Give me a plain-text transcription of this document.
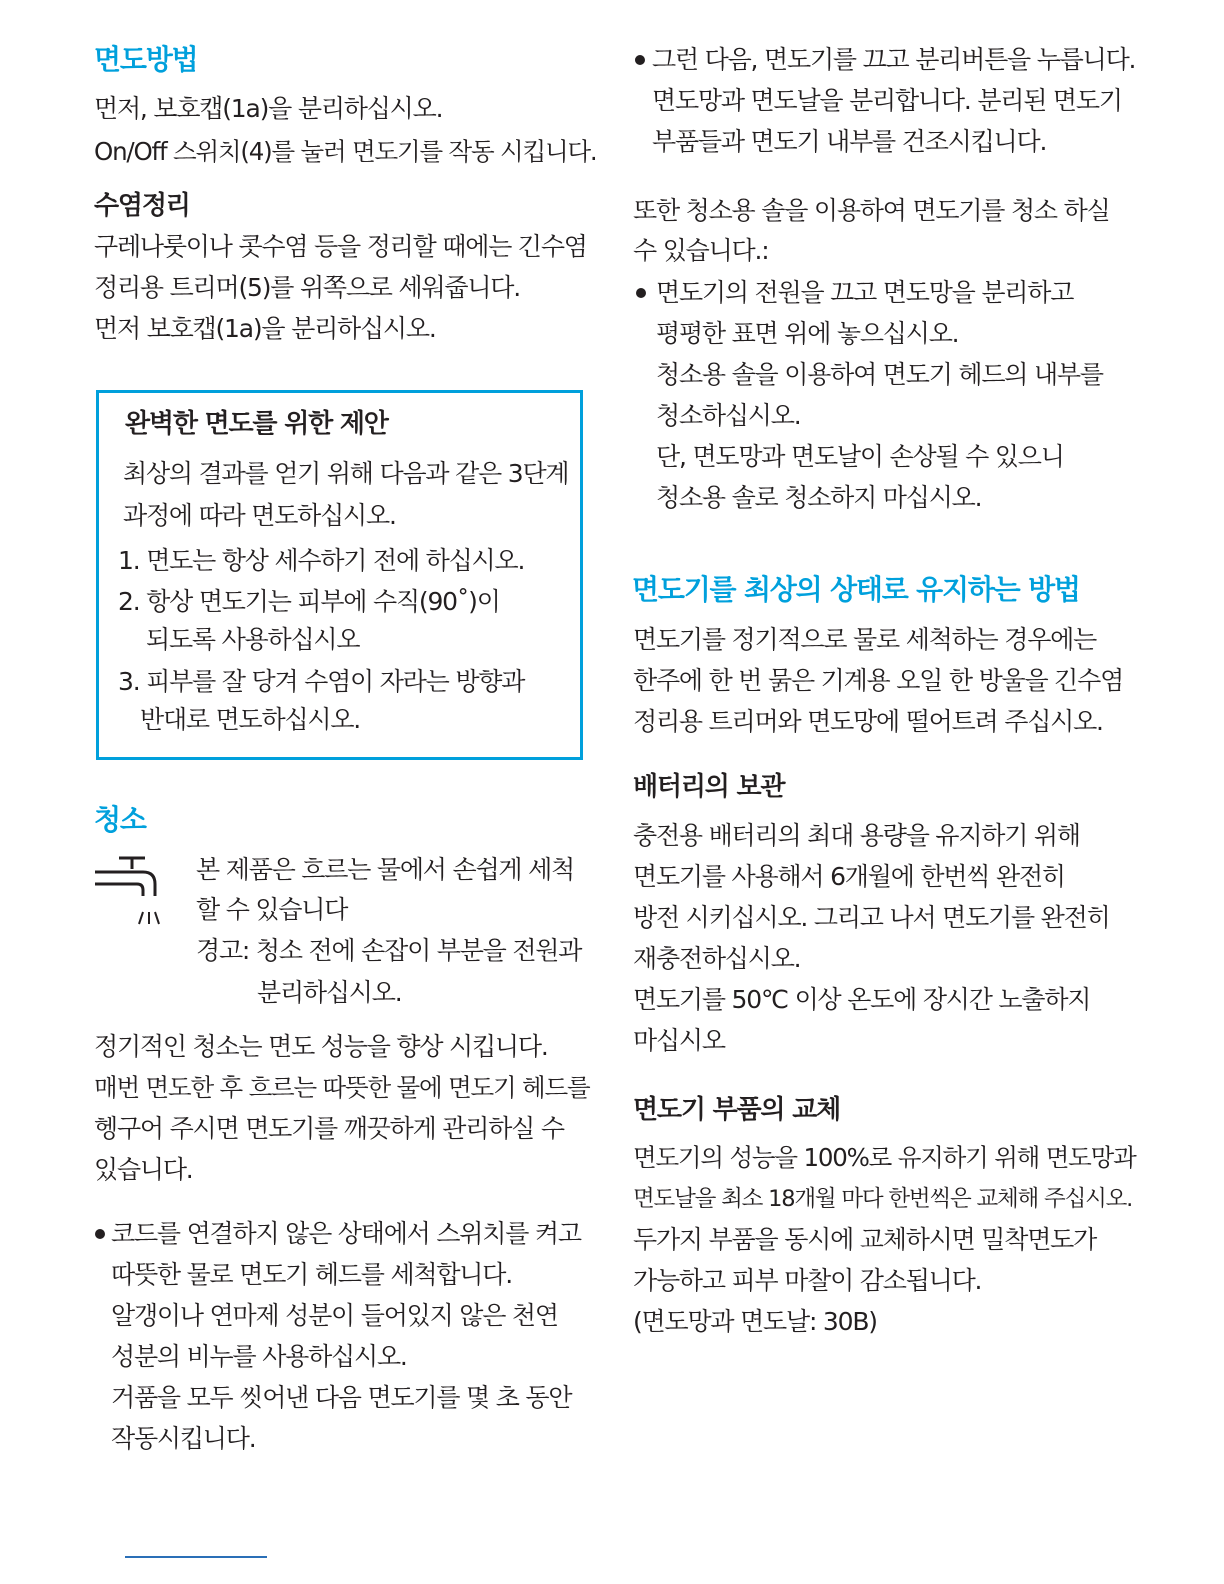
면도방법
먼저, 보호캡(1a)을 분리하십시오.
On/Off 스위치(4)를 눌러 면도기를 작동 시킵니다.
수염정리
구레나룻이나 콧수염 등을 정리할 때에는 긴수염
정리용 트리머(5)를 위쪽으로 세워줍니다.
먼저 보호캡(1a)을 분리하십시오.
완벽한 면도를 위한 제안
최상의 결과를 얻기 위해 다음과 같은 3단계
과정에 따라 면도하십시오.
1. 면도는 항상 세수하기 전에 하십시오.
2. 항상 면도기는 피부에 수직(90˚)이
되도록 사용하십시오
3. 피부를 잘 당겨 수염이 자라는 방향과
반대로 면도하십시오.
청소
본 제품은 흐르는 물에서 손쉽게 세척
할 수 있습니다
경고: 청소 전에 손잡이 부분을 전원과
분리하십시오.
정기적인 청소는 면도 성능을 향상 시킵니다.
매번 면도한 후 흐르는 따뜻한 물에 면도기 헤드를
헹구어 주시면 면도기를 깨끗하게 관리하실 수
있습니다.
코드를 연결하지 않은 상태에서 스위치를 켜고
따뜻한 물로 면도기 헤드를 세척합니다.
알갱이나 연마제 성분이 들어있지 않은 천연
성분의 비누를 사용하십시오.
거품을 모두 씻어낸 다음 면도기를 몇 초 동안
작동시킵니다.
그런 다음, 면도기를 끄고 분리버튼을 누릅니다.
면도망과 면도날을 분리합니다. 분리된 면도기
부품들과 면도기 내부를 건조시킵니다.
또한 청소용 솔을 이용하여 면도기를 청소 하실
수 있습니다.:
면도기의 전원을 끄고 면도망을 분리하고
평평한 표면 위에 놓으십시오.
청소용 솔을 이용하여 면도기 헤드의 내부를
청소하십시오.
단, 면도망과 면도날이 손상될 수 있으니
청소용 솔로 청소하지 마십시오.
면도기를 최상의 상태로 유지하는 방법
면도기를 정기적으로 물로 세척하는 경우에는
한주에 한 번 묽은 기계용 오일 한 방울을 긴수염
정리용 트리머와 면도망에 떨어트려 주십시오.
배터리의 보관
충전용 배터리의 최대 용량을 유지하기 위해
면도기를 사용해서 6개월에 한번씩 완전히
방전 시키십시오. 그리고 나서 면도기를 완전히
재충전하십시오.
면도기를 50℃ 이상 온도에 장시간 노출하지
마십시오
면도기 부품의 교체
면도기의 성능을 100%로 유지하기 위해 면도망과
면도날을 최소 18개월 마다 한번씩은 교체해 주십시오.
두가지 부품을 동시에 교체하시면 밀착면도가
가능하고 피부 마찰이 감소됩니다.
(면도망과 면도날: 30B)
